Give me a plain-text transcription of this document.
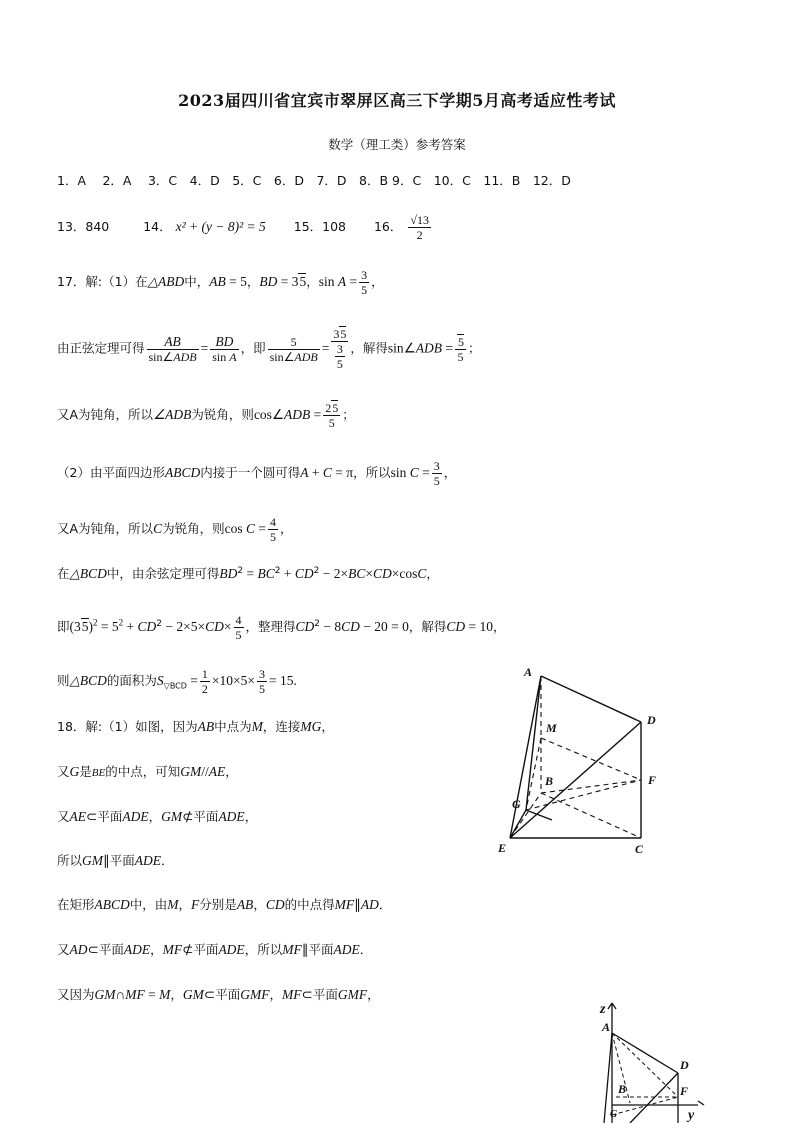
2023届四川省宜宾市翠屏区高三下学期5月高考适应性考试
数学（理工类）参考答案
1．A　 2．A　 3．C　4．D　5．C　6．D　7．D　8．B 9．C　10．C　11．B　12．D
13．840	14． x² + (y − 8)² = 5 15．108 16． $\frac{√13}{2}$
17．解:（1）在△ABD中，AB = 5，BD = 35，$\sin A = \frac{3}{5}$ ，
由正弦定理可得 $\frac{AB}{\text{sin∠ADB}} = \frac{BD}{\text{sin A}}$ ，即 $\frac{5}{\text{sin∠ADB}} = \frac{35}{\frac{3}{5}}$ ，解得sin∠ADB = $\frac{5}{5}$ ；
又A为钝角，所以∠ADB为锐角，则cos∠ADB = $\frac{25}{5}$ ；
（2）由平面四边形ABCD内接于一个圆可得A + C = π，所以$\sin C = \frac{3}{5}$ ，
又A为钝角，所以C为锐角，则$\cos C = \frac{4}{5}$ ，
在△BCD中，由余弦定理可得$BD^2 = BC^2 + CD^2 - 2\times BC\times CD\times\cos C$，
即$(35)^2 = 5^2 + CD^2 - 2\times 5\times CD\times \frac{4}{5}$ ，整理得$CD^2 - 8CD - 20 = 0$，解得CD = 10，
则△BCD的面积为$S_{▽BCD} = \frac{1}{2} \times 10\times 5\times \frac{3}{5} = 15$.
18．解:（1）如图，因为AB中点为M，连接MG，
又G是BE的中点，可知GM//AE，
又AE⊂平面ADE，GM⊄平面ADE，
所以GM∥平面ADE．
在矩形ABCD中，由M，F分别是AB，CD的中点得MF∥AD．
又AD⊂平面ADE，MF⊄平面ADE，所以MF∥平面ADE．
又因为GM∩MF = M，GM⊂平面GMF，MF⊂平面GMF，
A
M
D
B	F
G
E	C
z
A
D
B	F
G	y
